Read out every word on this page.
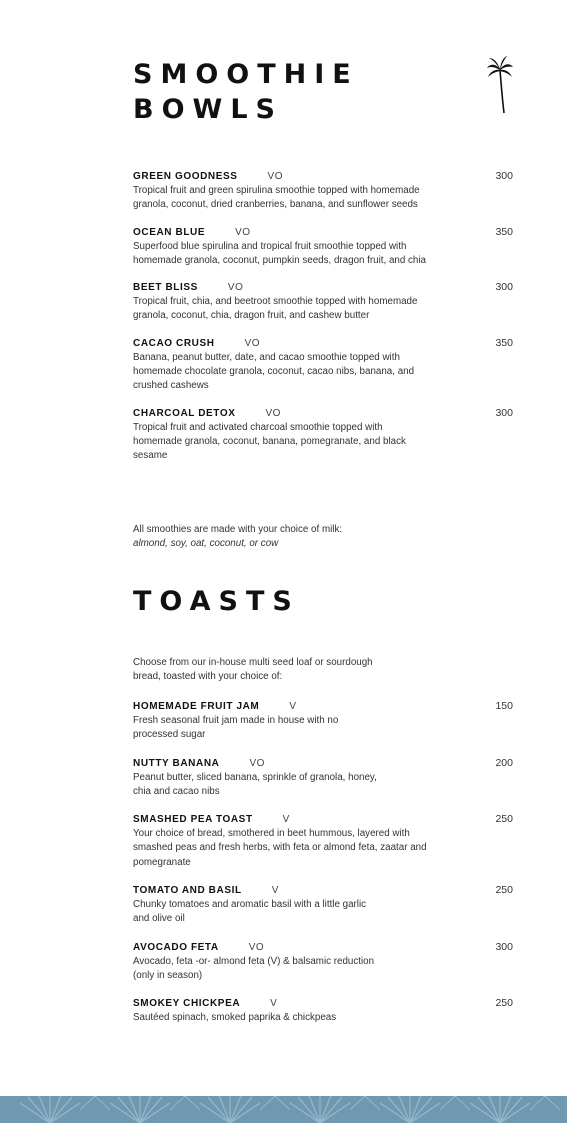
SMOOTHIE
BOWLS
GREEN GOODNESS	VO	300

Tropical fruit and green spirulina smoothie topped with homemade granola, coconut, dried cranberries, banana, and sunflower seeds

OCEAN BLUE	VO	350

Superfood blue spirulina and tropical fruit smoothie topped with homemade granola, coconut, pumpkin seeds, dragon fruit, and chia

BEET BLISS	VO	300

Tropical fruit, chia, and beetroot smoothie topped with homemade granola, coconut, chia, dragon fruit, and cashew butter

CACAO CRUSH	VO	350

Banana, peanut butter, date, and cacao smoothie topped with homemade chocolate granola, coconut, cacao nibs, banana, and crushed cashews

CHARCOAL DETOX	VO	300

Tropical fruit and activated charcoal smoothie topped with homemade granola, coconut, banana, pomegranate, and black sesame

All smoothies are made with your choice of milk:
almond, soy, oat, coconut, or cow
TOASTS

Choose from our in-house multi seed loaf or sourdough bread, toasted with your choice of:

HOMEMADE FRUIT JAM	V	150

Fresh seasonal fruit jam made in house with no processed sugar

NUTTY BANANA	VO	200

Peanut butter, sliced banana, sprinkle of granola, honey, chia and cacao nibs

SMASHED PEA TOAST	V	250

Your choice of bread, smothered in beet hummous, layered with smashed peas and fresh herbs, with feta or almond feta, zaatar and pomegranate

TOMATO AND BASIL	V	250

Chunky tomatoes and aromatic basil with a little garlic and olive oil

AVOCADO FETA	VO	300

Avocado, feta -or- almond feta (V) & balsamic reduction (only in season)

SMOKEY CHICKPEA	V	250

Sautéed spinach, smoked paprika & chickpeas
